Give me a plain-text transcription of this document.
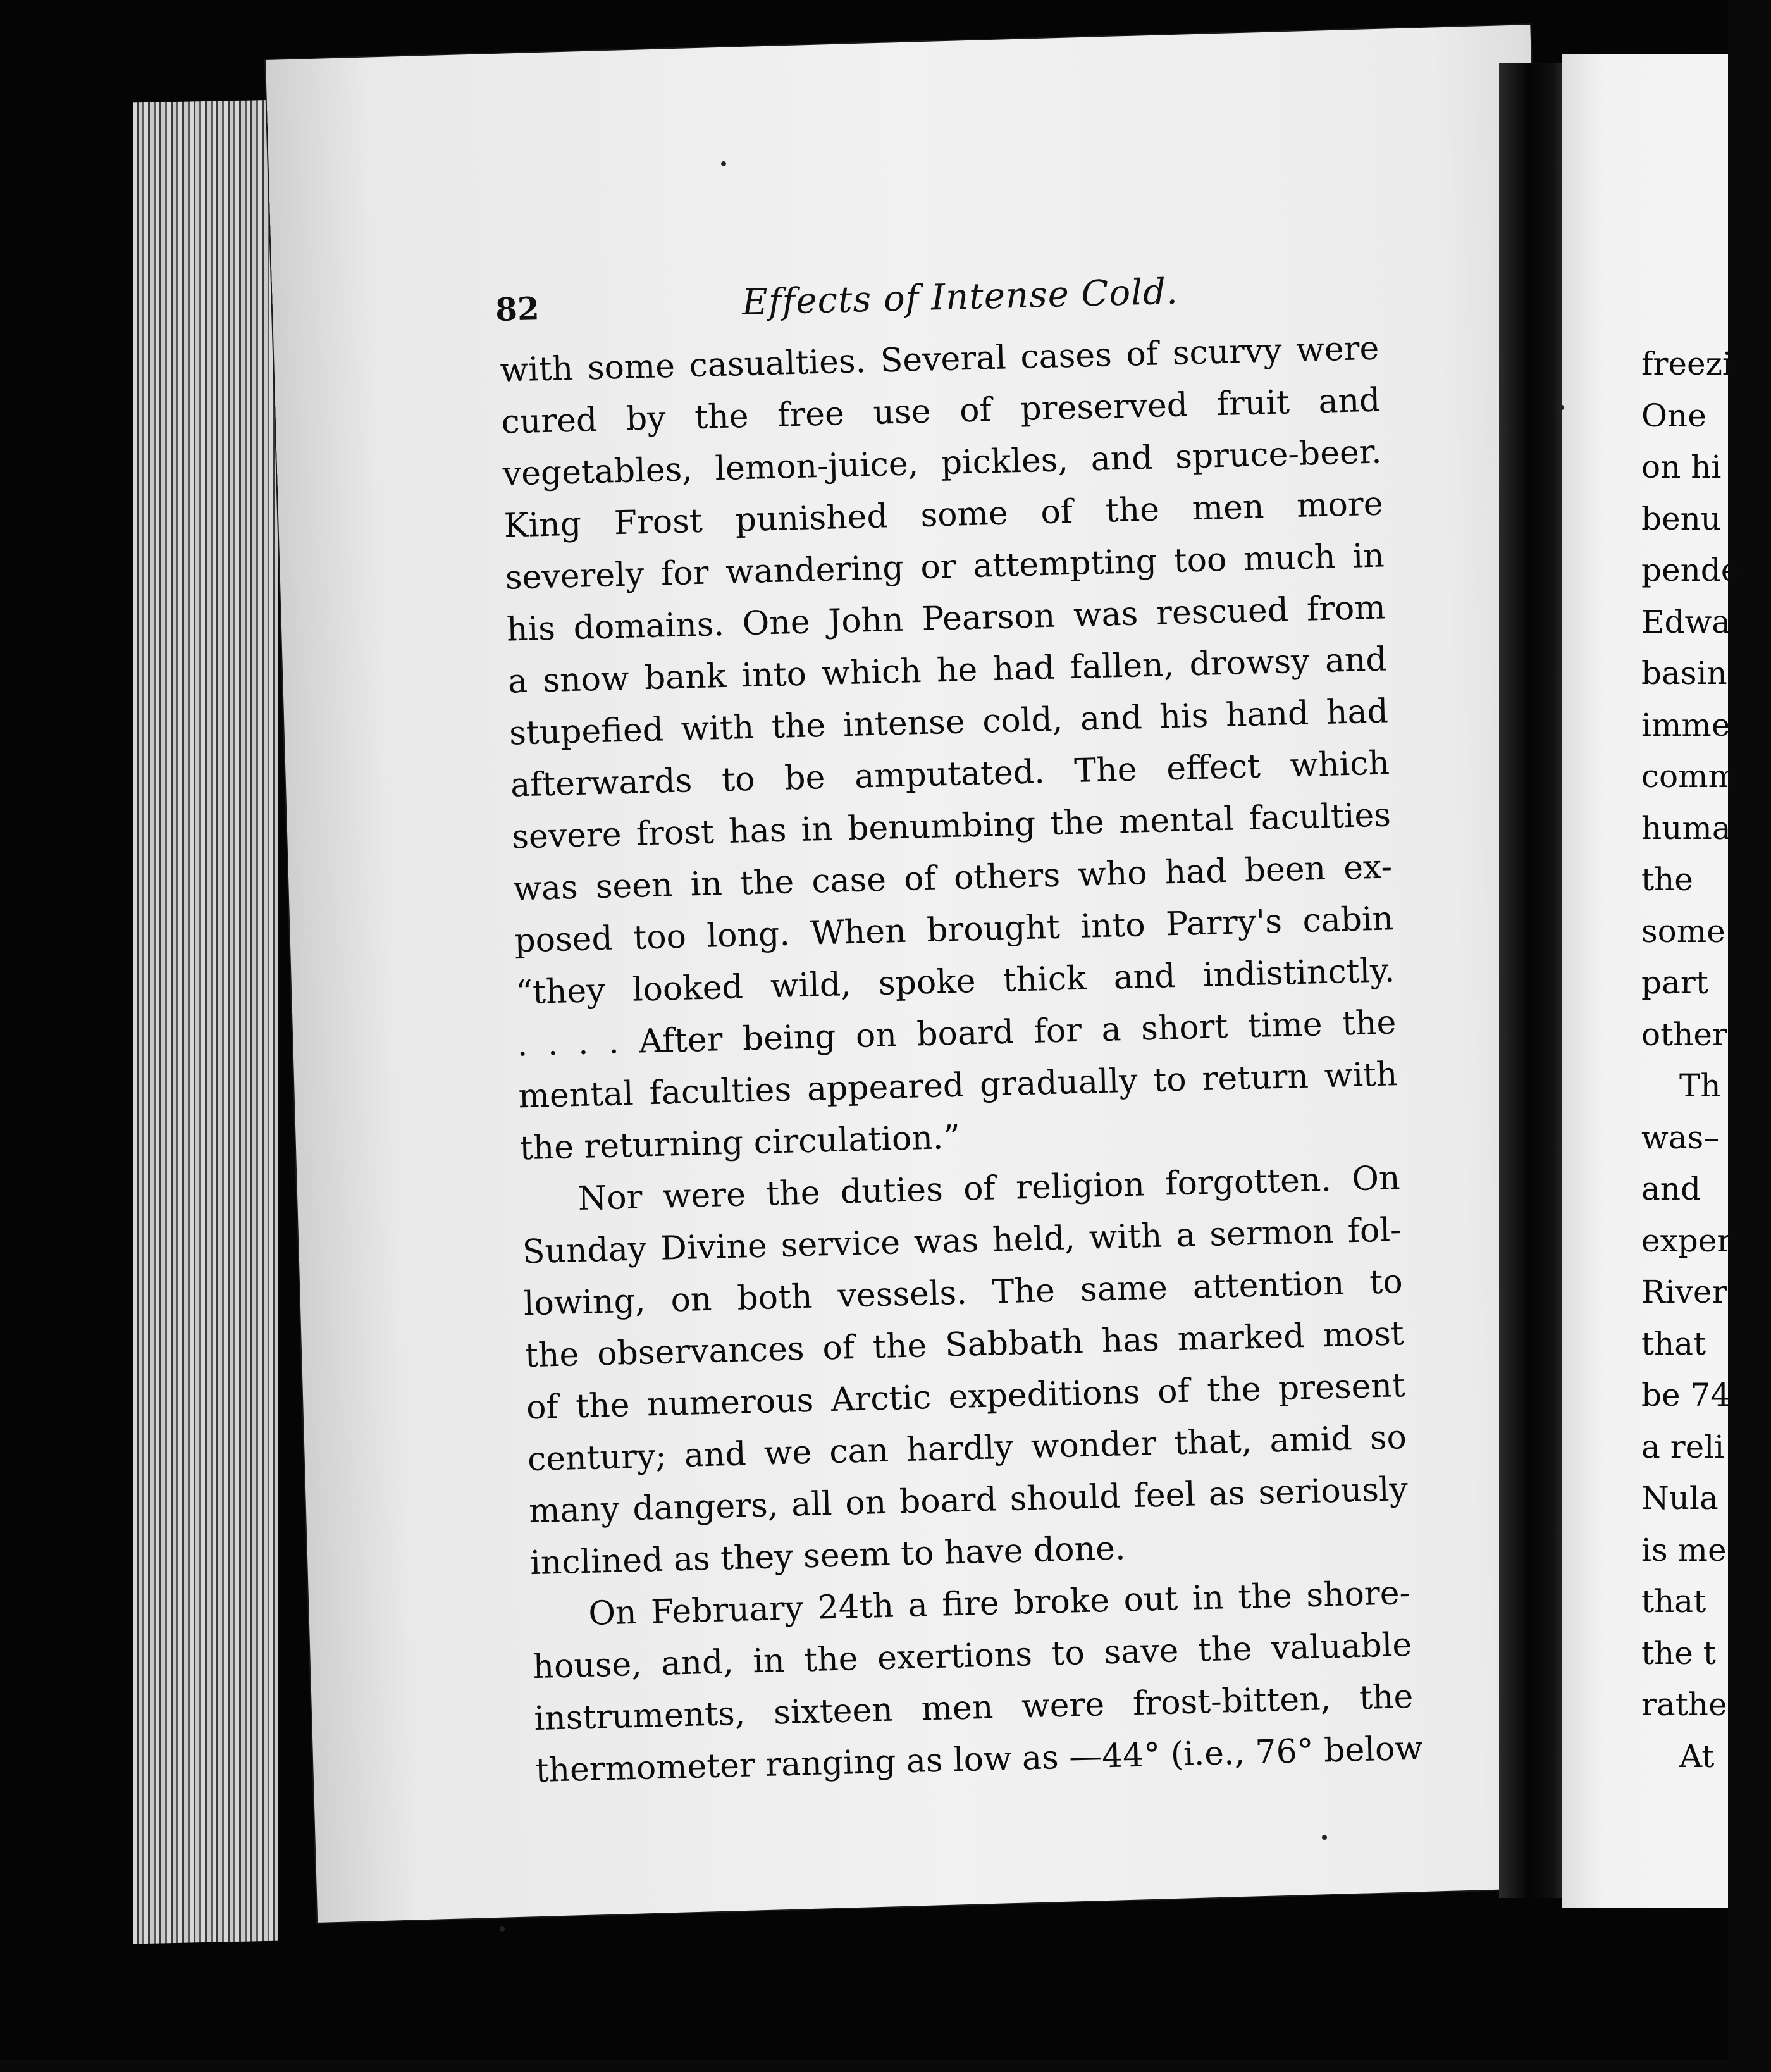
82	Effects of Intense Cold.
with some casualties. Several cases of scurvy were
cured by the free use of preserved fruit and
vegetables, lemon-juice, pickles, and spruce-beer.
King Frost punished some of the men more
severely for wandering or attempting too much in
his domains. One John Pearson was rescued from
a snow bank into which he had fallen, drowsy and
stupefied with the intense cold, and his hand had
afterwards to be amputated. The effect which
severe frost has in benumbing the mental faculties
was seen in the case of others who had been ex-
posed too long. When brought into Parry's cabin
“they looked wild, spoke thick and indistinctly.
. . . . After being on board for a short time the
mental faculties appeared gradually to return with
the returning circulation.”
Nor were the duties of religion forgotten. On
Sunday Divine service was held, with a sermon fol-
lowing, on both vessels. The same attention to
the observances of the Sabbath has marked most
of the numerous Arctic expeditions of the present
century; and we can hardly wonder that, amid so
many dangers, all on board should feel as seriously
inclined as they seem to have done.
On February 24th a fire broke out in the shore-
house, and, in the exertions to save the valuable
instruments, sixteen men were frost-bitten, the
thermometer ranging as low as —44° (i.e., 76° below
freezi
One
on hi
benu
pende
Edwa
basin
imme
comm
huma
the
some
part
other
Th
was–
and
exper
River
that
be 74
a reli
Nula
is me
that
the t
rathe
At
